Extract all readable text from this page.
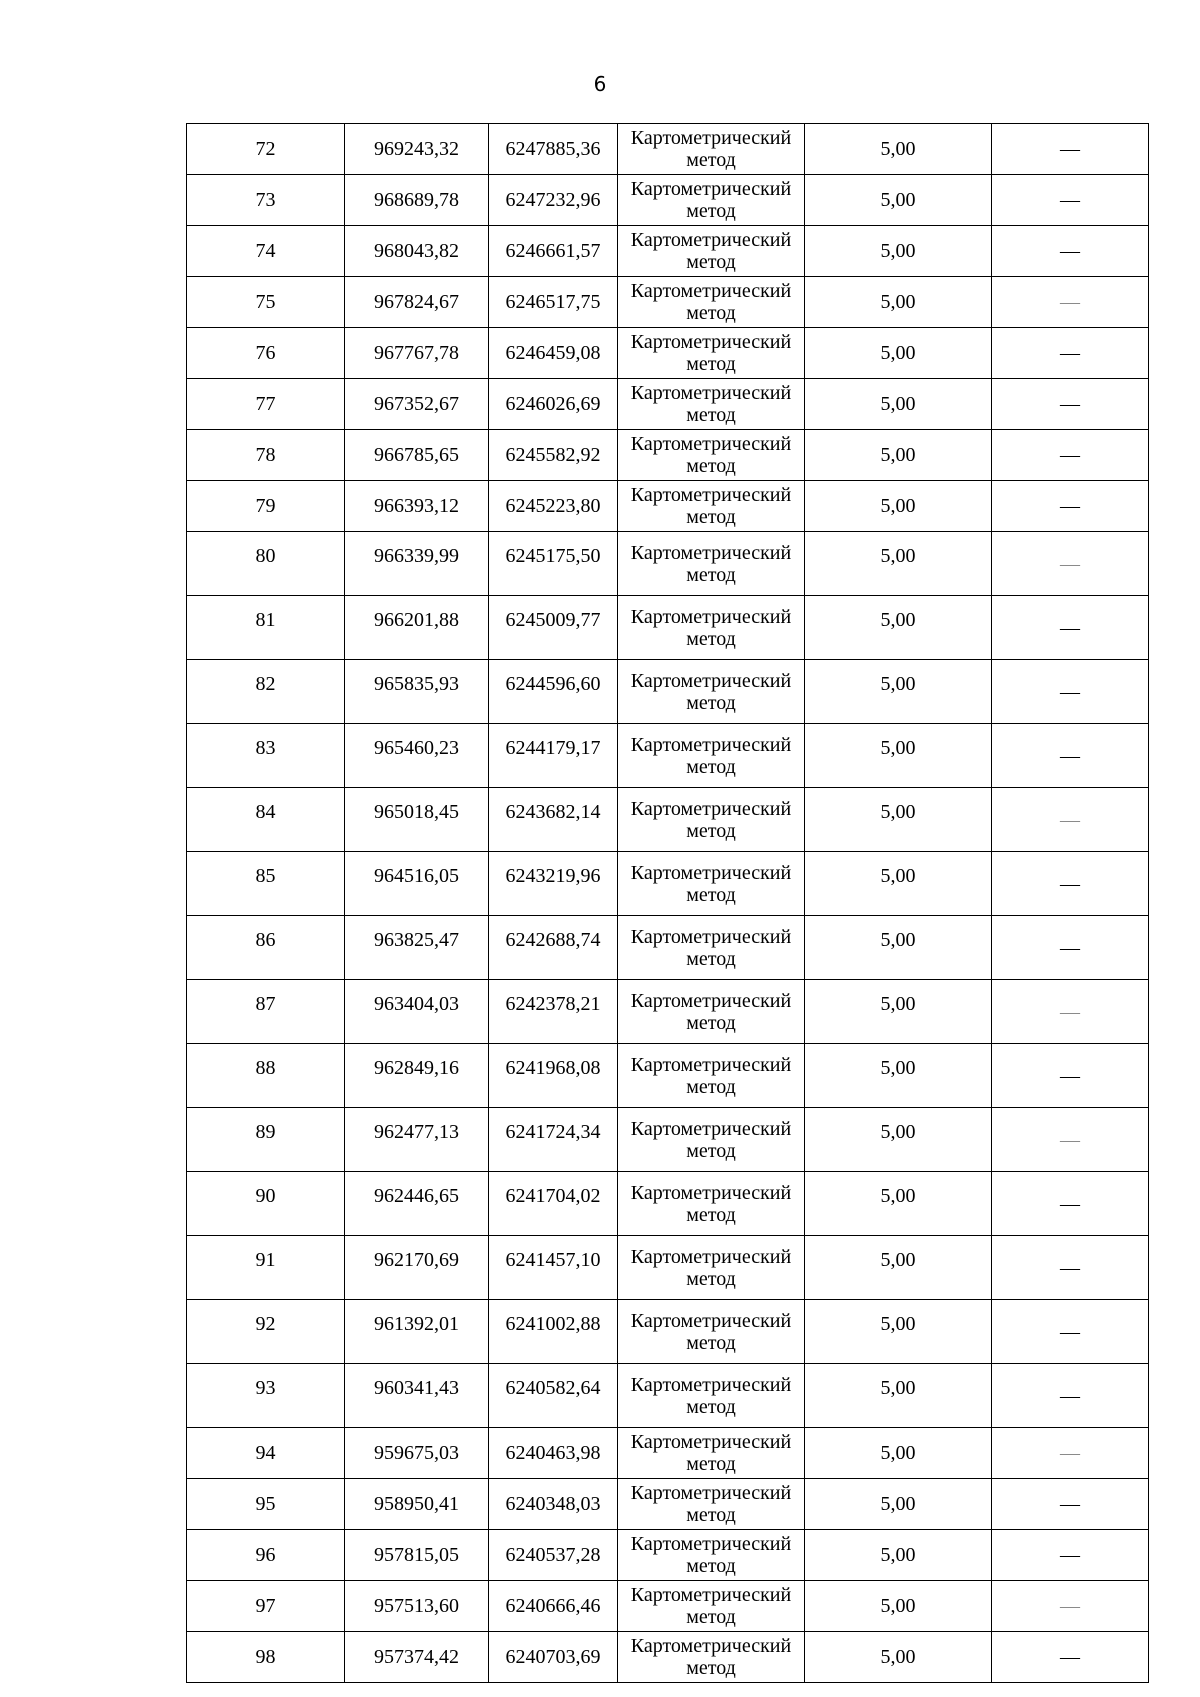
6
72	969243,32	6247885,36	Картометрический
метод	5,00	—
73	968689,78	6247232,96	Картометрический
метод	5,00	—
74	968043,82	6246661,57	Картометрический
метод	5,00	—
75	967824,67	6246517,75	Картометрический
метод	5,00	—
76	967767,78	6246459,08	Картометрический
метод	5,00	—
77	967352,67	6246026,69	Картометрический
метод	5,00	—
78	966785,65	6245582,92	Картометрический
метод	5,00	—
79	966393,12	6245223,80	Картометрический
метод	5,00	—
80	966339,99	6245175,50	Картометрический
метод	5,00	—
81	966201,88	6245009,77	Картометрический
метод	5,00	—
82	965835,93	6244596,60	Картометрический
метод	5,00	—
83	965460,23	6244179,17	Картометрический
метод	5,00	—
84	965018,45	6243682,14	Картометрический
метод	5,00	—
85	964516,05	6243219,96	Картометрический
метод	5,00	—
86	963825,47	6242688,74	Картометрический
метод	5,00	—
87	963404,03	6242378,21	Картометрический
метод	5,00	—
88	962849,16	6241968,08	Картометрический
метод	5,00	—
89	962477,13	6241724,34	Картометрический
метод	5,00	—
90	962446,65	6241704,02	Картометрический
метод	5,00	—
91	962170,69	6241457,10	Картометрический
метод	5,00	—
92	961392,01	6241002,88	Картометрический
метод	5,00	—
93	960341,43	6240582,64	Картометрический
метод	5,00	—
94	959675,03	6240463,98	Картометрический
метод	5,00	—
95	958950,41	6240348,03	Картометрический
метод	5,00	—
96	957815,05	6240537,28	Картометрический
метод	5,00	—
97	957513,60	6240666,46	Картометрический
метод	5,00	—
98	957374,42	6240703,69	Картометрический
метод	5,00	—
